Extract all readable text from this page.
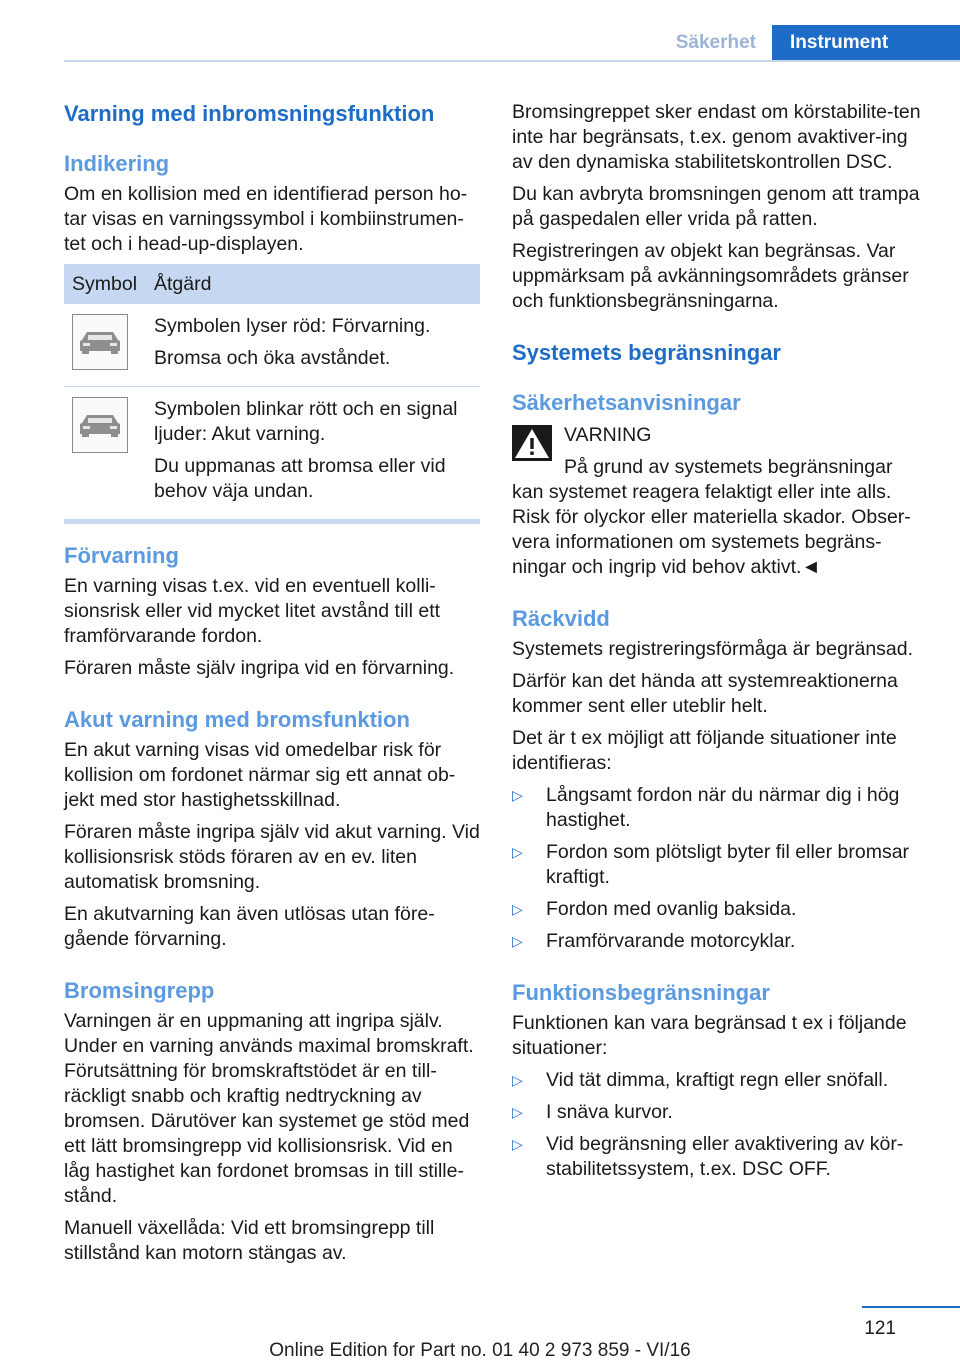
Säkerhet	Instrument
Varning med inbromsningsfunktion
Indikering

Om en kollision med en identifierad person ho-tar visas en varningssymbol i kombiinstrumen-tet och i head-up-displayen.

Symbol	Åtgärd

Symbolen lyser röd: Förvarning.

Bromsa och öka avståndet.

Symbolen blinkar rött och en signal ljuder: Akut varning.

Du uppmanas att bromsa eller vid behov väja undan.

Förvarning

En varning visas t.ex. vid en eventuell kolli-sionsrisk eller vid mycket litet avstånd till ett framförvarande fordon.

Föraren måste själv ingripa vid en förvarning.

Akut varning med bromsfunktion

En akut varning visas vid omedelbar risk för kollision om fordonet närmar sig ett annat ob-jekt med stor hastighetsskillnad.

Föraren måste ingripa själv vid akut varning. Vid kollisionsrisk stöds föraren av en ev. liten automatisk bromsning.

En akutvarning kan även utlösas utan före-gående förvarning.

Bromsingrepp

Varningen är en uppmaning att ingripa själv. Under en varning används maximal bromskraft. Förutsättning för bromskraftstödet är en till-räckligt snabb och kraftig nedtryckning av bromsen. Därutöver kan systemet ge stöd med ett lätt bromsingrepp vid kollisionsrisk. Vid en låg hastighet kan fordonet bromsas in till stille-stånd.

Manuell växellåda: Vid ett bromsingrepp till stillstånd kan motorn stängas av.

Bromsingreppet sker endast om körstabilite-ten inte har begränsats, t.ex. genom avaktiver-ing av den dynamiska stabilitetskontrollen DSC.

Du kan avbryta bromsningen genom att trampa på gaspedalen eller vrida på ratten.

Registreringen av objekt kan begränsas. Var uppmärksam på avkänningsområdets gränser och funktionsbegränsningarna.

Systemets begränsningar
Säkerhetsanvisningar

VARNING

På grund av systemets begränsningar

kan systemet reagera felaktigt eller inte alls. Risk för olyckor eller materiella skador. Obser-vera informationen om systemets begräns-ningar och ingrip vid behov aktivt.◄

Räckvidd

Systemets registreringsförmåga är begränsad.

Därför kan det hända att systemreaktionerna kommer sent eller uteblir helt.

Det är t ex möjligt att följande situationer inte identifieras:

▷ Långsamt fordon när du närmar dig i hög hastighet.
▷ Fordon som plötsligt byter fil eller bromsar kraftigt.
▷ Fordon med ovanlig baksida.
▷ Framförvarande motorcyklar.
Funktionsbegränsningar

Funktionen kan vara begränsad t ex i följande situationer:

▷ Vid tät dimma, kraftigt regn eller snöfall.
▷ I snäva kurvor.
▷ Vid begränsning eller avaktivering av kör-stabilitetssystem, t.ex. DSC OFF.
121
Online Edition for Part no. 01 40 2 973 859 - VI/16
